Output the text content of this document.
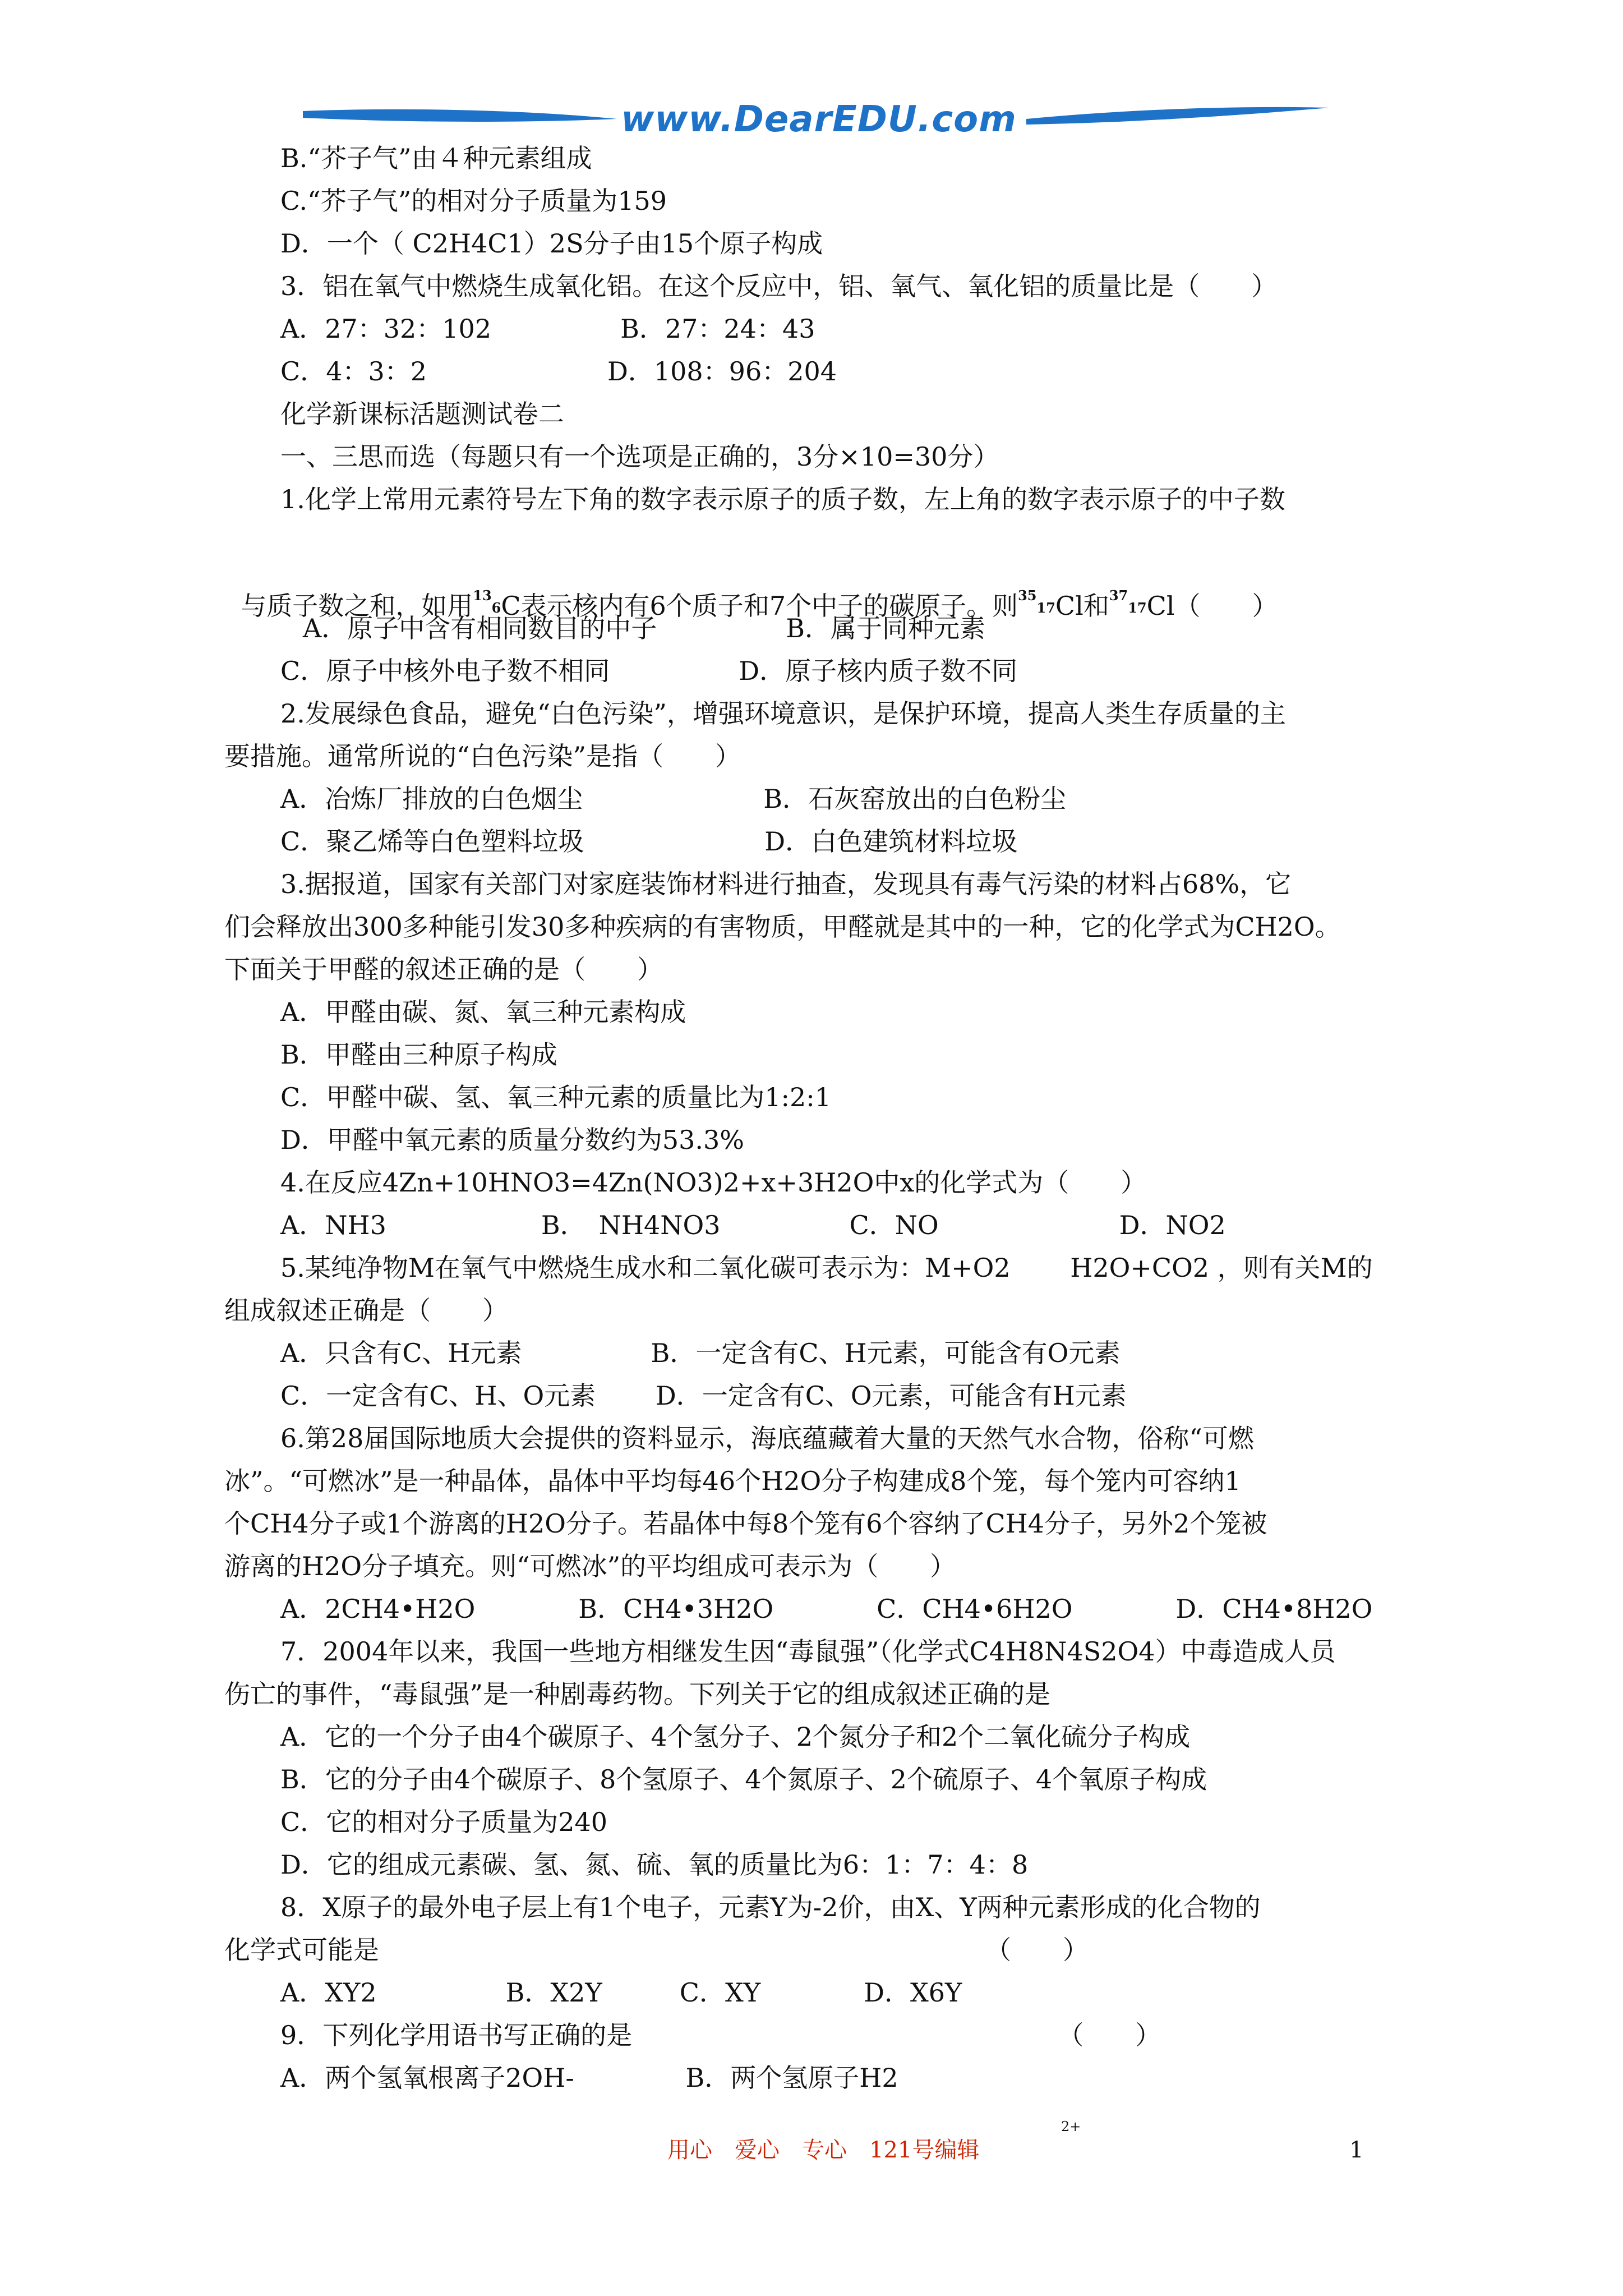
www.DearEDU.com
B.“芥子气”由４种元素组成
C.“芥子气”的相对分子质量为159
D．一个（ C2H4C1）2S分子由15个原子构成
3．铝在氧气中燃烧生成氧化铝。在这个反应中，铝、氧气、氧化铝的质量比是（　　）
A．27：32：102　　　　　B．27：24：43
C．4：3：2　　　　　　　D．108：96：204
化学新课标活题测试卷二
一、三思而选（每题只有一个选项是正确的，3分×10=30分）
1.化学上常用元素符号左下角的数字表示原子的质子数，左上角的数字表示原子的中子数

与质子数之和，如用$^{13}$6C表示核内有6个质子和7个中子的碳原子。则$^{35}$17Cl和$^{37}$17Cl（　　）

A．原子中含有相同数目的中子　　　　　B．属于同种元素
C．原子中核外电子数不相同　　　　　D．原子核内质子数不同
2.发展绿色食品，避免“白色污染”，增强环境意识，是保护环境，提高人类生存质量的主
要措施。通常所说的“白色污染”是指（　　）
A．冶炼厂排放的白色烟尘　　　　　　　B．石灰窑放出的白色粉尘
C．聚乙烯等白色塑料垃圾　　　　　　　D．白色建筑材料垃圾
3.据报道，国家有关部门对家庭装饰材料进行抽查，发现具有毒气污染的材料占68%，它
们会释放出300多种能引发30多种疾病的有害物质，甲醛就是其中的一种，它的化学式为CH2O。
下面关于甲醛的叙述正确的是（　　）
A．甲醛由碳、氮、氧三种元素构成
B．甲醛由三种原子构成
C．甲醛中碳、氢、氧三种元素的质量比为1:2:1
D．甲醛中氧元素的质量分数约为53.3%
4.在反应4Zn+10HNO3=4Zn(NO3)2+x+3H2O中x的化学式为（　　）
A．NH3　　　　　　B．　NH4NO3　　　　　C．NO　　　　　　　D．NO2
5.某纯净物M在氧气中燃烧生成水和二氧化碳可表示为：M+O2　　 H2O+CO2 ，则有关M的
组成叙述正确是（　　）
A．只含有C、H元素　　　　　B．一定含有C、H元素，可能含有O元素
C．一定含有C、H、O元素　　 D．一定含有C、O元素，可能含有H元素
6.第28届国际地质大会提供的资料显示，海底蕴藏着大量的天然气水合物，俗称“可燃
冰”。“可燃冰”是一种晶体，晶体中平均每46个H2O分子构建成8个笼，每个笼内可容纳1
个CH4分子或1个游离的H2O分子。若晶体中每8个笼有6个容纳了CH4分子，另外2个笼被
游离的H2O分子填充。则“可燃冰”的平均组成可表示为（　　）
A．2CH4•H2O　　　　B．CH4•3H2O　　　　C．CH4•6H2O　　　　D．CH4•8H2O
7．2004年以来，我国一些地方相继发生因“毒鼠强”（化学式C4H8N4S2O4）中毒造成人员
伤亡的事件，“毒鼠强”是一种剧毒药物。下列关于它的组成叙述正确的是
A．它的一个分子由4个碳原子、4个氢分子、2个氮分子和2个二氧化硫分子构成
B．它的分子由4个碳原子、8个氢原子、4个氮原子、2个硫原子、4个氧原子构成
C．它的相对分子质量为240
D．它的组成元素碳、氢、氮、硫、氧的质量比为6：1：7：4：8
8．X原子的最外电子层上有1个电子，元素Y为-2价，由X、Y两种元素形成的化合物的
化学式可能是　　　　　　　　　　　　　　　　　　　　　　　　（　　）
A．XY2　　　　　B．X2Y　　　C．XY　　　　D．X6Y
9．下列化学用语书写正确的是　　　　　　　　　　　　　　　　　（　　）
A．两个氢氧根离子2OH-　　　　 B．两个氢原子H2
2+
用心　爱心　专心　121号编辑	1
